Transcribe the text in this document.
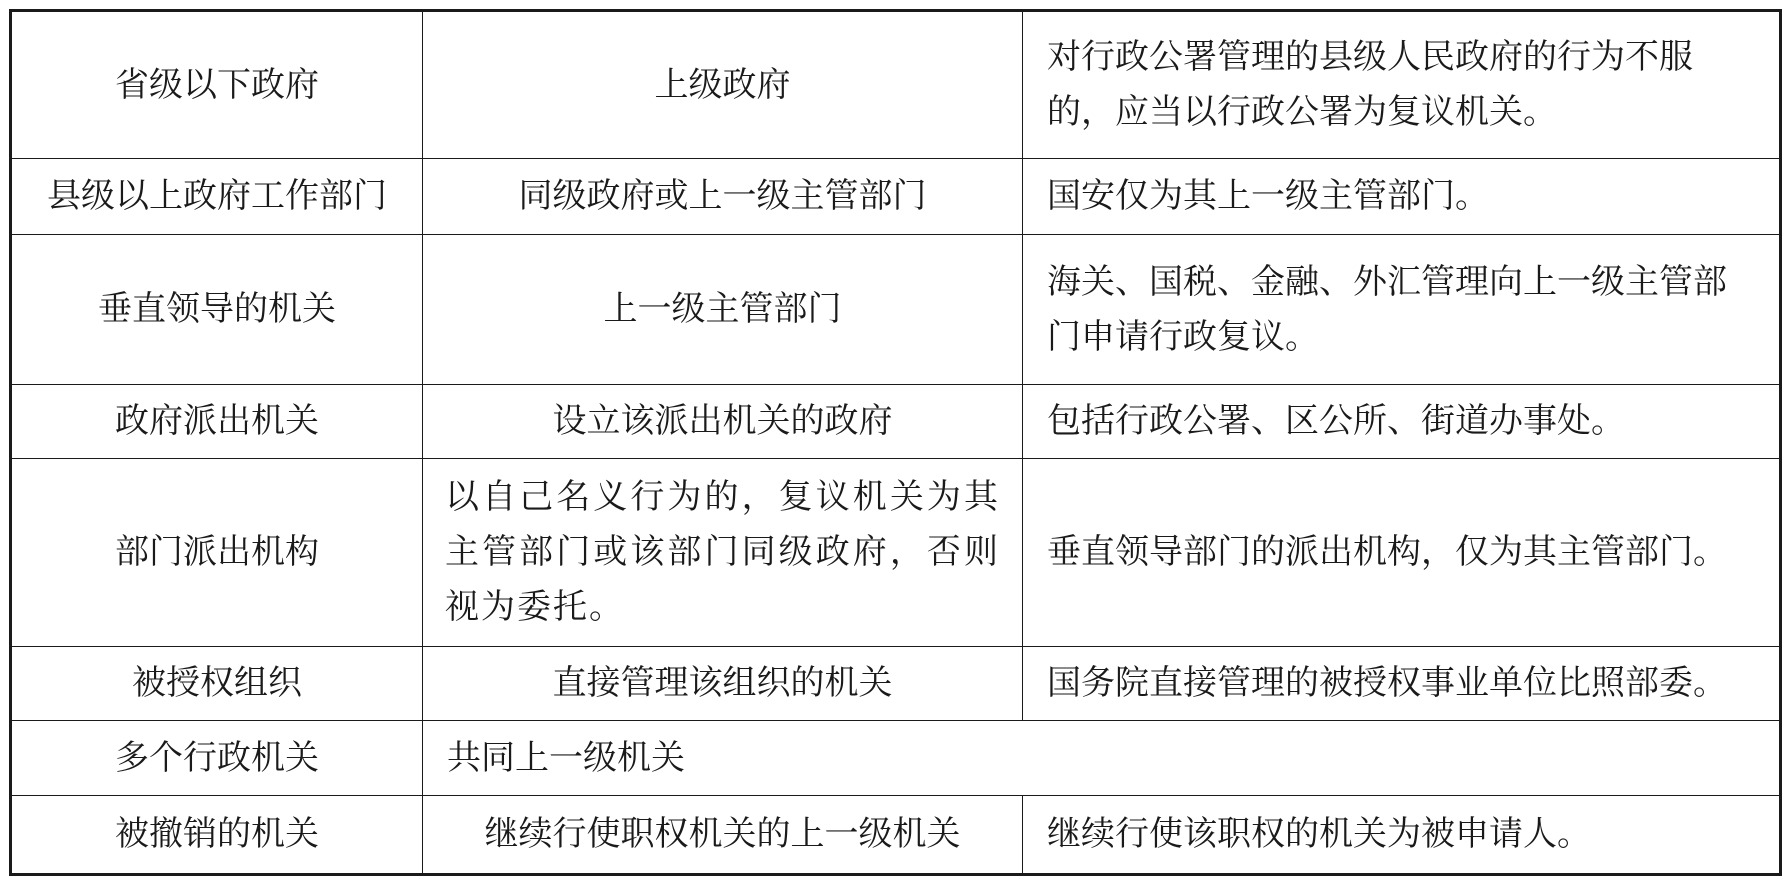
省级以下政府	上级政府	对行政公署管理的县级人民政府的行为不服的，应当以行政公署为复议机关。
县级以上政府工作部门	同级政府或上一级主管部门	国安仅为其上一级主管部门。
垂直领导的机关	上一级主管部门	海关、国税、金融、外汇管理向上一级主管部门申请行政复议。
政府派出机关	设立该派出机关的政府	包括行政公署、区公所、街道办事处。
部门派出机构	以自己名义行为的，复议机关为其主管部门或该部门同级政府，否则视为委托。	垂直领导部门的派出机构，仅为其主管部门。
被授权组织	直接管理该组织的机关	国务院直接管理的被授权事业单位比照部委。
多个行政机关	共同上一级机关	
被撤销的机关	继续行使职权机关的上一级机关	继续行使该职权的机关为被申请人。
